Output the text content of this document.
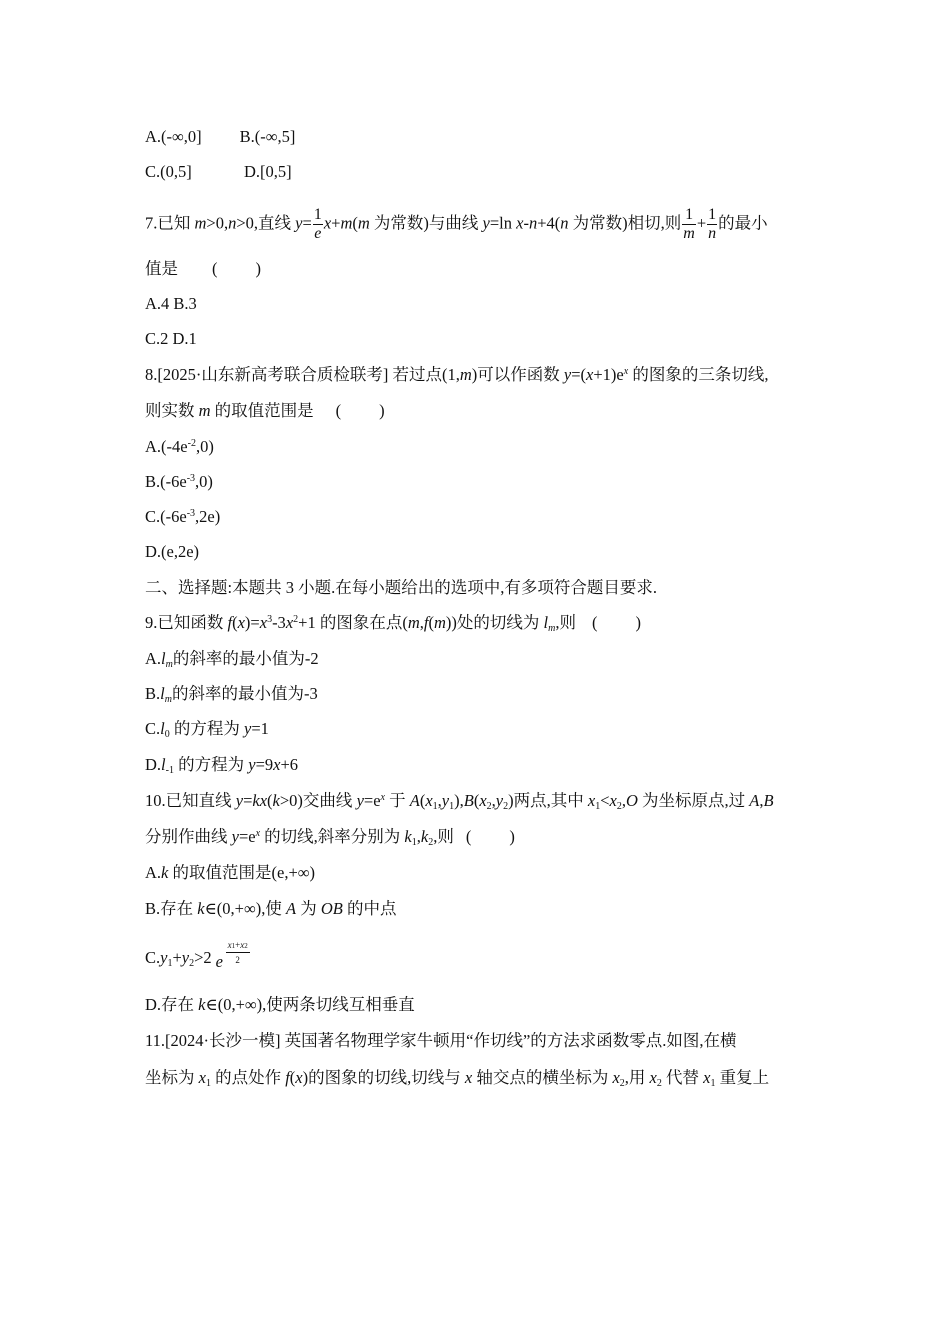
A.(-∞,0] B.(-∞,5]
C.(0,5]	D.[0,5]
7.已知 m>0,n>0,直线 $y= \frac{1}{e} x+m(m$ 为常数)与曲线 y=ln x-n+4(n 为常数)相切,则 $\frac{1}{m} + \frac{1}{n}$ 的最小
值是 ( )
A.4 B.3
C.2 D.1
8.[2025·山东新高考联合质检联考] 若过点(1,m)可以作函数 $y=(x+1)e^x$ 的图象的三条切线,
则实数 m 的取值范围是 ( )
$A.(-4e^{-2},0)$
$B.(-6e^{-3},0)$
$C.(-6e^{-3},2e)$
D.(e,2e)
二、选择题:本题共 3 小题.在每小题给出的选项中,有多项符合题目要求.
9.已知函数 $f(x)=x^3-3x^2+1$ 的图象在点(m,f(m))处的切线为 $l_m$,则 ( )
$A.l_m$的斜率的最小值为-2
$B.l_m$的斜率的最小值为-3
$C.l_0$ 的方程为 y=1
$D.l_{-1}$ 的方程为 y=9x+6
10.已知直线 y=kx(k>0)交曲线 $y=e^x$ 于 $A(x_1,y_1),B(x_2,y_2)$两点,其中 $x_1<x_2,O$ 为坐标原点,过 A,B
分别作曲线 $y=e^x$ 的切线,斜率分别为 $k_1,k_2$,则 ( )
A.k 的取值范围是(e,+∞)
B.存在 k∈(0,+∞),使 A 为 OB 的中点
$C.y_1+y_2>2$ e
x1+x2
2
D.存在 k∈(0,+∞),使两条切线互相垂直
11.[2024·长沙一模] 英国著名物理学家牛顿用“作切线”的方法求函数零点.如图,在横
坐标为 $x_1$ 的点处作 f(x)的图象的切线,切线与 x 轴交点的横坐标为 $x_2$,用 $x_2$ 代替 $x_1$ 重复上
